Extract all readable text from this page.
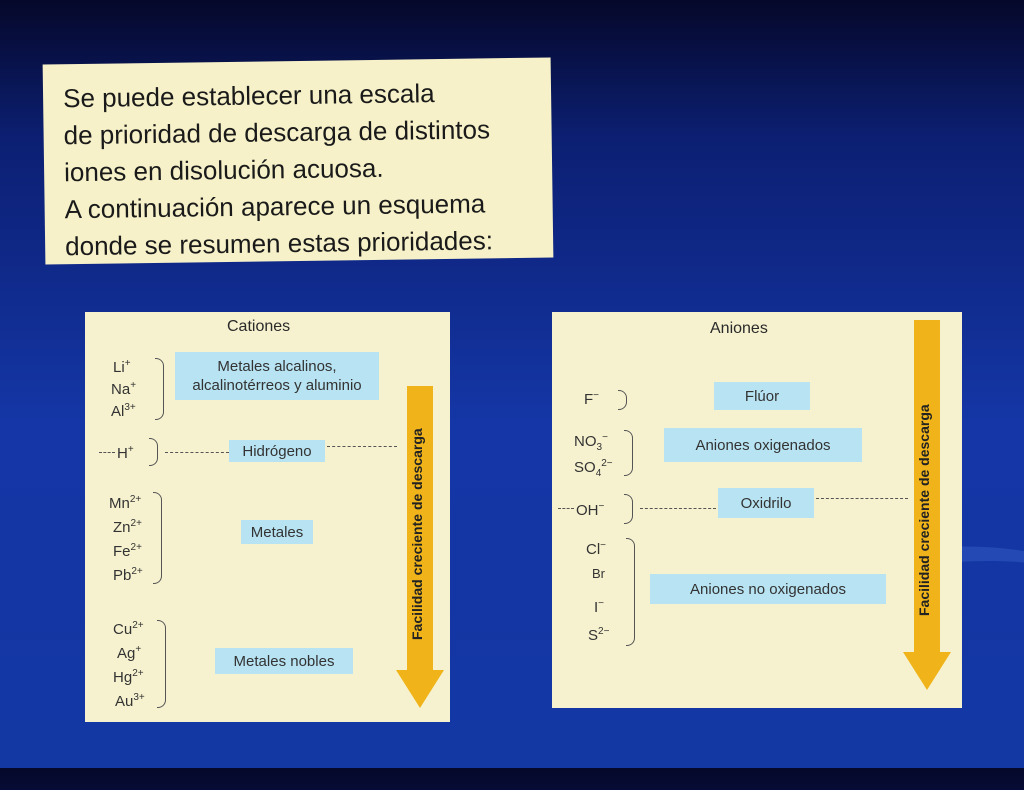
Se puede establecer una escala

de prioridad de descarga de distintos

iones en disolución acuosa.

A continuación aparece un esquema

donde se resumen estas prioridades:

Cationes
Li+
Na+
$Al^{3+}$
Metales alcalinos, alcalinotérreos y aluminio
H+	Hidrógeno
$Mn^{2+}$
$Zn^{2+}$
$Fe^{2+}$
$Pb^{2+}$
Metales
$Cu^{2+}$
Ag+
$Hg^{2+}$
$Au^{3+}$
Metales nobles
Facilidad creciente de descarga
Aniones
F−	Flúor
$NO_3^-$
$SO_4^{2-}$
Aniones oxigenados
OH−	Oxidrilo
Cl−
Br
I−
$S^{2-}$
Aniones no oxigenados	Facilidad creciente de descarga
